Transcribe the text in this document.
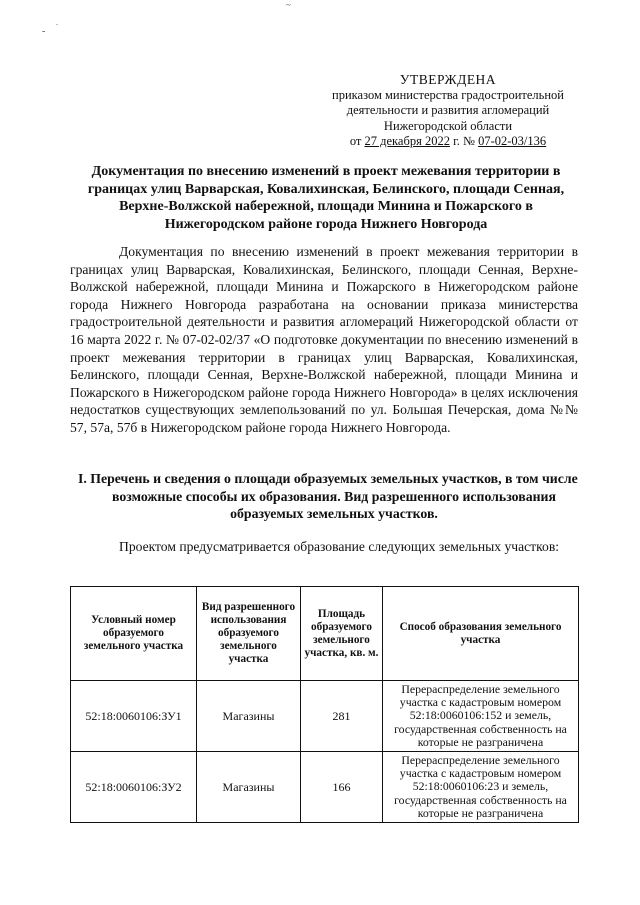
-
.
~
УТВЕРЖДЕНА
приказом министерства градостроительной
деятельности и развития агломераций
Нижегородской области
от 27 декабря 2022 г. № 07-02-03/136
Документация по внесению изменений в проект межевания территории в границах улиц Варварская, Ковалихинская, Белинского, площади Сенная, Верхне-Волжской набережной, площади Минина и Пожарского в Нижегородском районе города Нижнего Новгорода

Документация по внесению изменений в проект межевания территории в границах улиц Варварская, Ковалихинская, Белинского, площади Сенная, Верхне-Волжской набережной, площади Минина и Пожарского в Нижегородском районе города Нижнего Новгорода разработана на основании приказа министерства градостроительной деятельности и развития агломераций Нижегородской области от 16 марта 2022 г. № 07-02-02/37 «О подготовке документации по внесению изменений в проект межевания территории в границах улиц Варварская, Ковалихинская, Белинского, площади Сенная, Верхне-Волжской набережной, площади Минина и Пожарского в Нижегородском районе города Нижнего Новгорода» в целях исключения недостатков существующих землепользований по ул. Большая Печерская, дома №№ 57, 57а, 57б в Нижегородском районе города Нижнего Новгорода.

I. Перечень и сведения о площади образуемых земельных участков, в том числе возможные способы их образования. Вид разрешенного использования образуемых земельных участков.

Проектом предусматривается образование следующих земельных участков:

Условный номер образуемого земельного участка	Вид разрешенного использования образуемого земельного участка	Площадь образуемого земельного участка, кв. м.	Способ образования земельного участка
52:18:0060106:ЗУ1	Магазины	281	Перераспределение земельного участка с кадастровым номером 52:18:0060106:152 и земель, государственная собственность на которые не разграничена
52:18:0060106:ЗУ2	Магазины	166	Перераспределение земельного участка с кадастровым номером 52:18:0060106:23 и земель, государственная собственность на которые не разграничена
